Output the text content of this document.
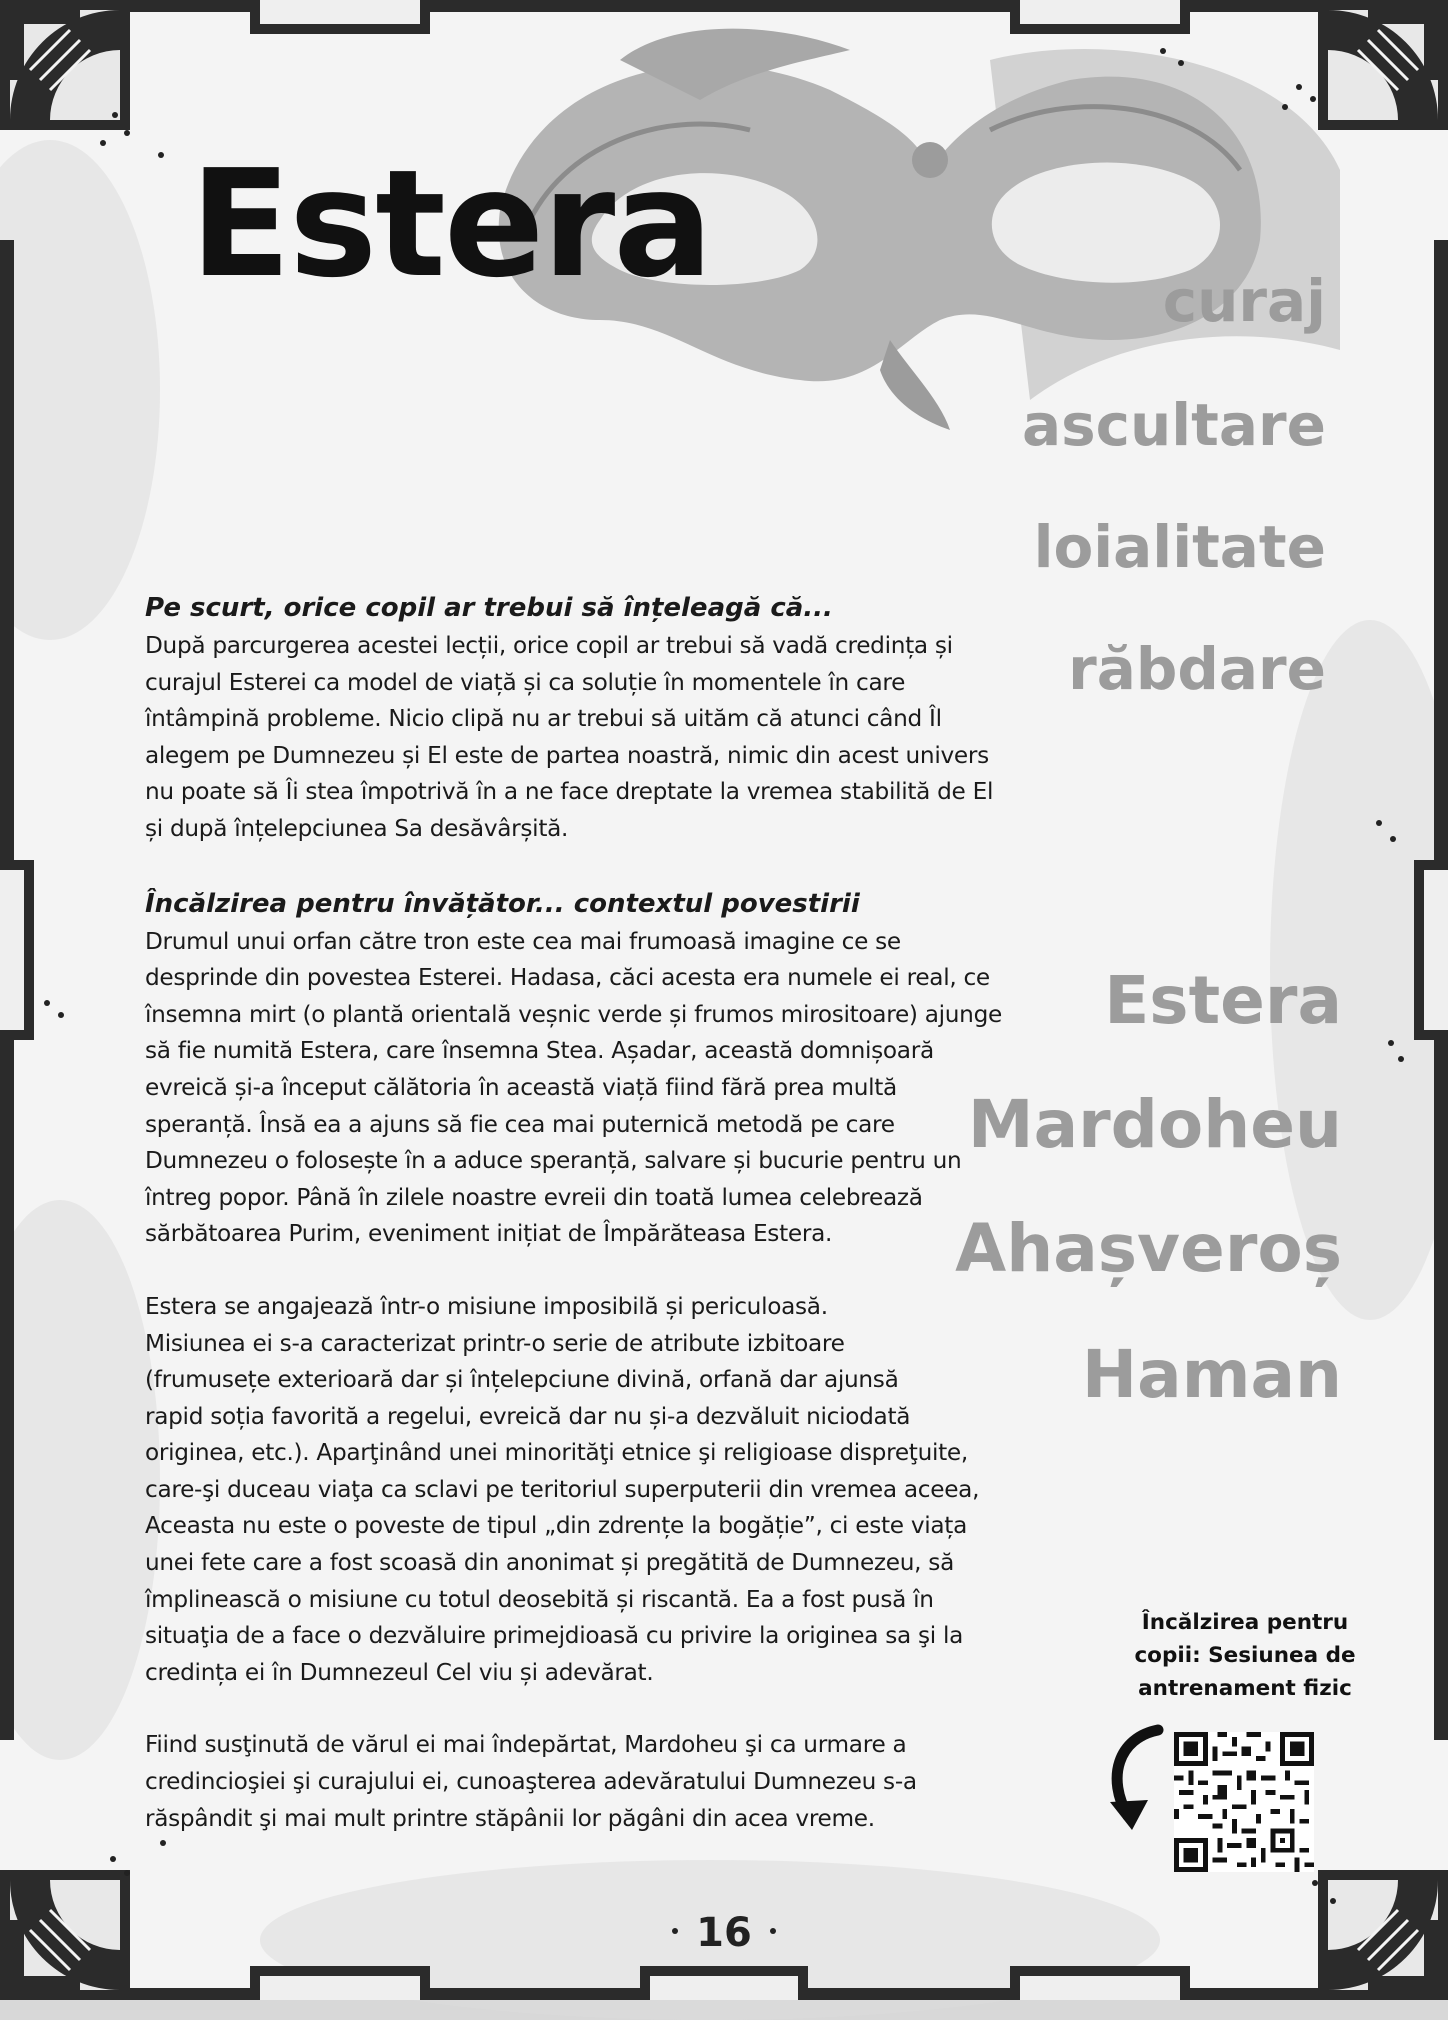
Estera	curaj
ascultare
loialitate
răbdare
Estera
Mardoheu
Ahașveroș
Haman
Pe scurt, orice copil ar trebui să înțeleagă că...

După parcurgerea acestei lecții, orice copil ar trebui să vadă credința și

curajul Esterei ca model de viață și ca soluție în momentele în care

întâmpină probleme. Nicio clipă nu ar trebui să uităm că atunci când Îl

alegem pe Dumnezeu și El este de partea noastră, nimic din acest univers

nu poate să Îi stea împotrivă în a ne face dreptate la vremea stabilită de El

și după înțelepciunea Sa desăvârșită.

Încălzirea pentru învățător... contextul povestirii

Drumul unui orfan către tron este cea mai frumoasă imagine ce se

desprinde din povestea Esterei. Hadasa, căci acesta era numele ei real, ce

însemna mirt (o plantă orientală veșnic verde și frumos mirositoare) ajunge

să fie numită Estera, care însemna Stea. Așadar, această domnișoară

evreică și-a început călătoria în această viață fiind fără prea multă

speranță. Însă ea a ajuns să fie cea mai puternică metodă pe care

Dumnezeu o folosește în a aduce speranță, salvare și bucurie pentru un

întreg popor. Până în zilele noastre evreii din toată lumea celebrează

sărbătoarea Purim, eveniment inițiat de Împărăteasa Estera.

Estera se angajează într-o misiune imposibilă și periculoasă.

Misiunea ei s-a caracterizat printr-o serie de atribute izbitoare

(frumusețe exterioară dar și înțelepciune divină, orfană dar ajunsă

rapid soția favorită a regelui, evreică dar nu și-a dezvăluit niciodată

originea, etc.). Aparţinând unei minorităţi etnice şi religioase dispreţuite,

care-şi duceau viaţa ca sclavi pe teritoriul superputerii din vremea aceea,

Aceasta nu este o poveste de tipul „din zdrențe la bogăție”, ci este viața

unei fete care a fost scoasă din anonimat și pregătită de Dumnezeu, să

împlinească o misiune cu totul deosebită și riscantă. Ea a fost pusă în

situaţia de a face o dezvăluire primejdioasă cu privire la originea sa şi la

credința ei în Dumnezeul Cel viu și adevărat.

Fiind susţinută de vărul ei mai îndepărtat, Mardoheu şi ca urmare a

credincioşiei şi curajului ei, cunoaşterea adevăratului Dumnezeu s-a

răspândit şi mai mult printre stăpânii lor păgâni din acea vreme.

Încălzirea pentru
copii: Sesiunea de
antrenament fizic
16
